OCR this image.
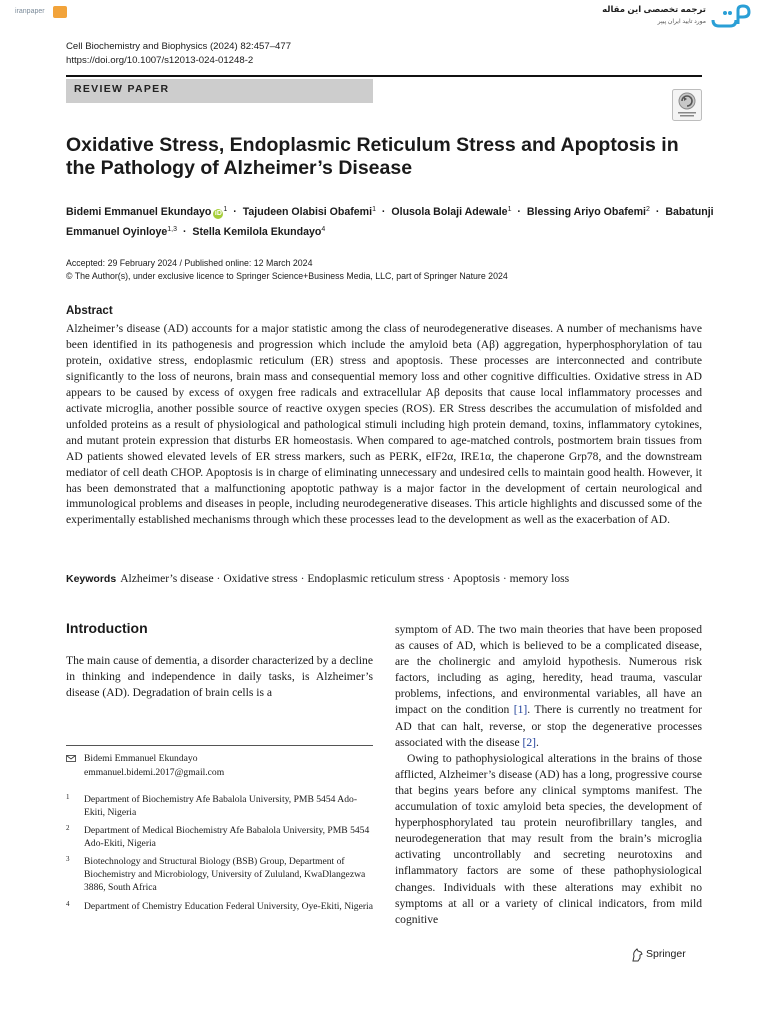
iranpaper	ترجمه تخصصی این مقاله
مورد تایید ایران پیپر
Cell Biochemistry and Biophysics (2024) 82:457–477
https://doi.org/10.1007/s12013-024-01248-2
REVIEW PAPER
Oxidative Stress, Endoplasmic Reticulum Stress and Apoptosis in the Pathology of Alzheimer’s Disease
Bidemi Emmanuel Ekundayo iD$^1$ · Tajudeen Olabisi Obafemi$^1$ · Olusola Bolaji Adewale$^1$ · Blessing Ariyo Obafemi$^2$ · Babatunji Emmanuel Oyinloye$^{1,3}$ · Stella Kemilola Ekundayo$^4$
Accepted: 29 February 2024 / Published online: 12 March 2024
© The Author(s), under exclusive licence to Springer Science+Business Media, LLC, part of Springer Nature 2024
Abstract
Alzheimer’s disease (AD) accounts for a major statistic among the class of neurodegenerative diseases. A number of mechanisms have been identified in its pathogenesis and progression which include the amyloid beta (Aβ) aggregation, hyperphosphorylation of tau protein, oxidative stress, endoplasmic reticulum (ER) stress and apoptosis. These processes are interconnected and contribute significantly to the loss of neurons, brain mass and consequential memory loss and other cognitive difficulties. Oxidative stress in AD appears to be caused by excess of oxygen free radicals and extracellular Aβ deposits that cause local inflammatory processes and activate microglia, another possible source of reactive oxygen species (ROS). ER Stress describes the accumulation of misfolded and unfolded proteins as a result of physiological and pathological stimuli including high protein demand, toxins, inflammatory cytokines, and mutant protein expression that disturbs ER homeostasis. When compared to age-matched controls, postmortem brain tissues from AD patients showed elevated levels of ER stress markers, such as PERK, eIF2α, IRE1α, the chaperone Grp78, and the downstream mediator of cell death CHOP. Apoptosis is in charge of eliminating unnecessary and undesired cells to maintain good health. However, it has been demonstrated that a malfunctioning apoptotic pathway is a major factor in the development of certain neurological and immunological problems and diseases in people, including neurodegenerative diseases. This article highlights and discussed some of the experimentally established mechanisms through which these processes lead to the development as well as the exacerbation of AD.
Keywords Alzheimer’s disease · Oxidative stress · Endoplasmic reticulum stress · Apoptosis · memory loss
Introduction
The main cause of dementia, a disorder characterized by a decline in thinking and independence in daily tasks, is Alzheimer’s disease (AD). Degradation of brain cells is a
Bidemi Emmanuel Ekundayo
emmanuel.bidemi.2017@gmail.com
1 Department of Biochemistry Afe Babalola University, PMB 5454 Ado-Ekiti, Nigeria
2 Department of Medical Biochemistry Afe Babalola University, PMB 5454 Ado-Ekiti, Nigeria
3 Biotechnology and Structural Biology (BSB) Group, Department of Biochemistry and Microbiology, University of Zululand, KwaDlangezwa 3886, South Africa
4 Department of Chemistry Education Federal University, Oye-Ekiti, Nigeria

symptom of AD. The two main theories that have been proposed as causes of AD, which is believed to be a complicated disease, are the cholinergic and amyloid hypothesis. Numerous risk factors, including as aging, heredity, head trauma, vascular problems, infections, and environmental variables, all have an impact on the condition [1]. There is currently no treatment for AD that can halt, reverse, or stop the degenerative processes associated with the disease [2].

Owing to pathophysiological alterations in the brains of those afflicted, Alzheimer’s disease (AD) has a long, progressive course that begins years before any clinical symptoms manifest. The accumulation of toxic amyloid beta species, the development of hyperphosphorylated tau protein neurofibrillary tangles, and neurodegeneration that may result from the brain’s microglia activating uncontrollably and secreting neurotoxins and inflammatory factors are some of these pathophysiological changes. Individuals with these alterations may exhibit no symptoms at all or a variety of clinical indicators, from mild cognitive

Springer
